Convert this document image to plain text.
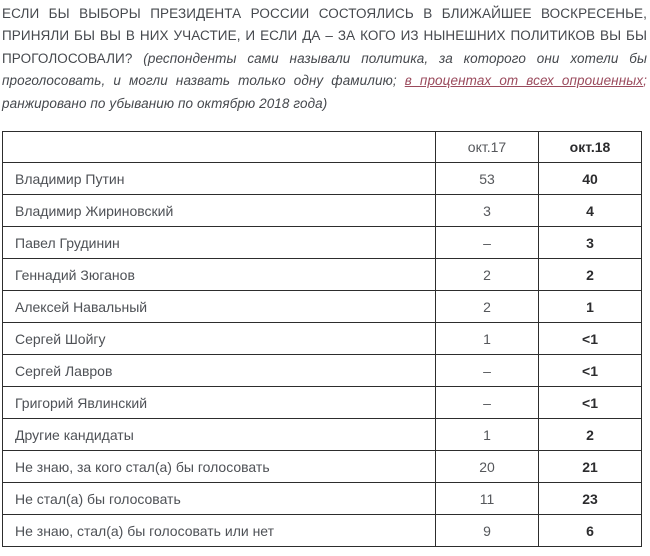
ЕСЛИ БЫ ВЫБОРЫ ПРЕЗИДЕНТА РОССИИ СОСТОЯЛИСЬ В БЛИЖАЙШЕЕ ВОСКРЕСЕНЬЕ, ПРИНЯЛИ БЫ ВЫ В НИХ УЧАСТИЕ, И ЕСЛИ ДА – ЗА КОГО ИЗ НЫНЕШНИХ ПОЛИТИКОВ ВЫ БЫ ПРОГОЛОСОВАЛИ? (респонденты сами называли политика, за которого они хотели бы проголосовать, и могли назвать только одну фамилию; в процентах от всех опрошенных; ранжировано по убыванию по октябрю 2018 года)

	окт.17	окт.18
Владимир Путин	53	40
Владимир Жириновский	3	4
Павел Грудинин	–	3
Геннадий Зюганов	2	2
Алексей Навальный	2	1
Сергей Шойгу	1	<1
Сергей Лавров	–	<1
Григорий Явлинский	–	<1
Другие кандидаты	1	2
Не знаю, за кого стал(а) бы голосовать	20	21
Не стал(а) бы голосовать	11	23
Не знаю, стал(а) бы голосовать или нет	9	6
